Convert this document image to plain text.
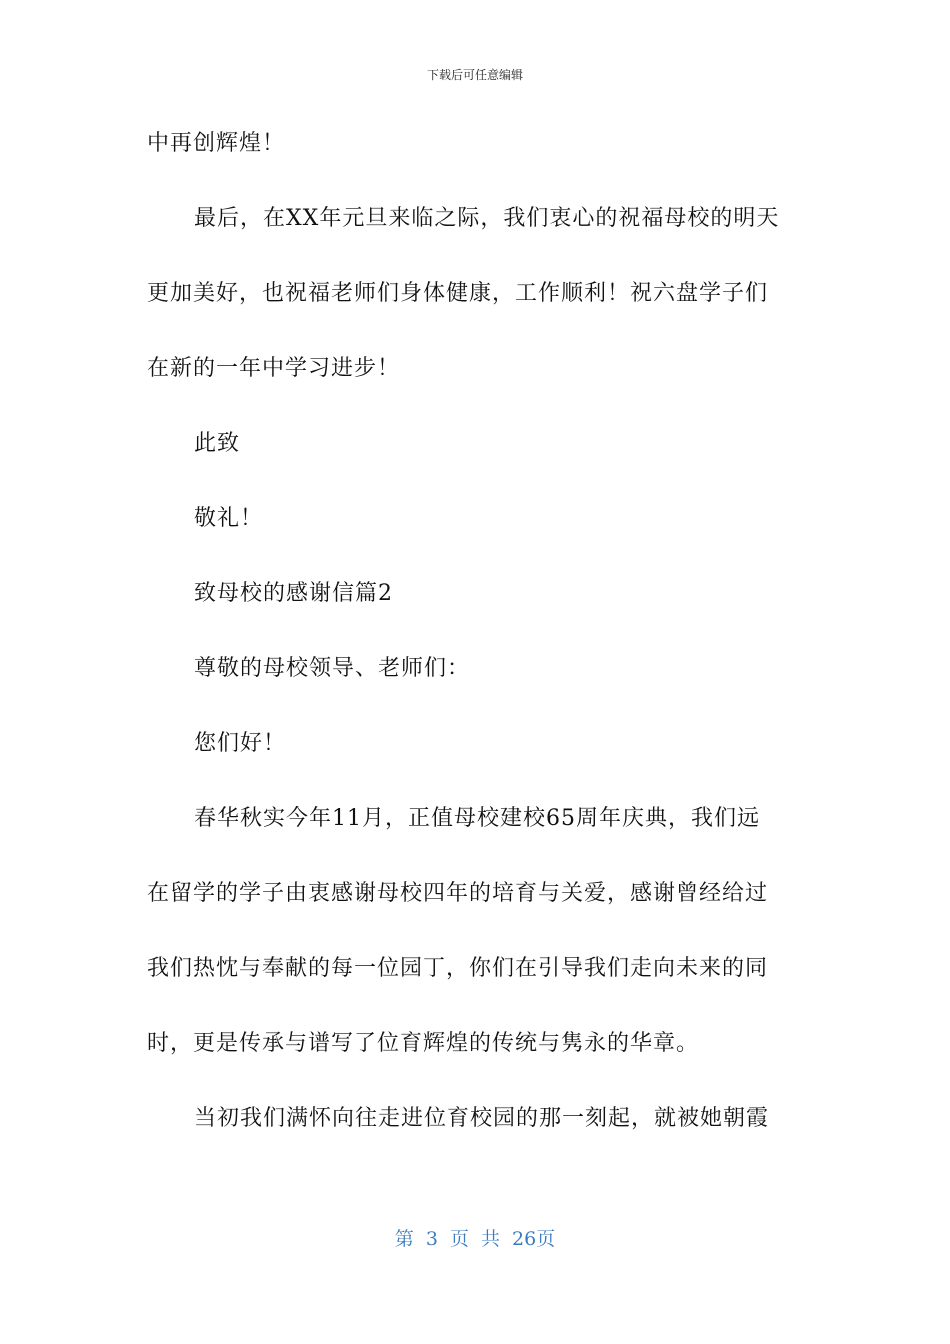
下载后可任意编辑
中再创辉煌！
最后，在XX年元旦来临之际，我们衷心的祝福母校的明天
更加美好，也祝福老师们身体健康，工作顺利！祝六盘学子们
在新的一年中学习进步！
此致
敬礼！
致母校的感谢信篇2
尊敬的母校领导、老师们：
您们好！
春华秋实今年11月，正值母校建校65周年庆典，我们远
在留学的学子由衷感谢母校四年的培育与关爱，感谢曾经给过
我们热忱与奉献的每一位园丁，你们在引导我们走向未来的同
时，更是传承与谱写了位育辉煌的传统与隽永的华章。
当初我们满怀向往走进位育校园的那一刻起，就被她朝霞
第 3 页 共 26页
